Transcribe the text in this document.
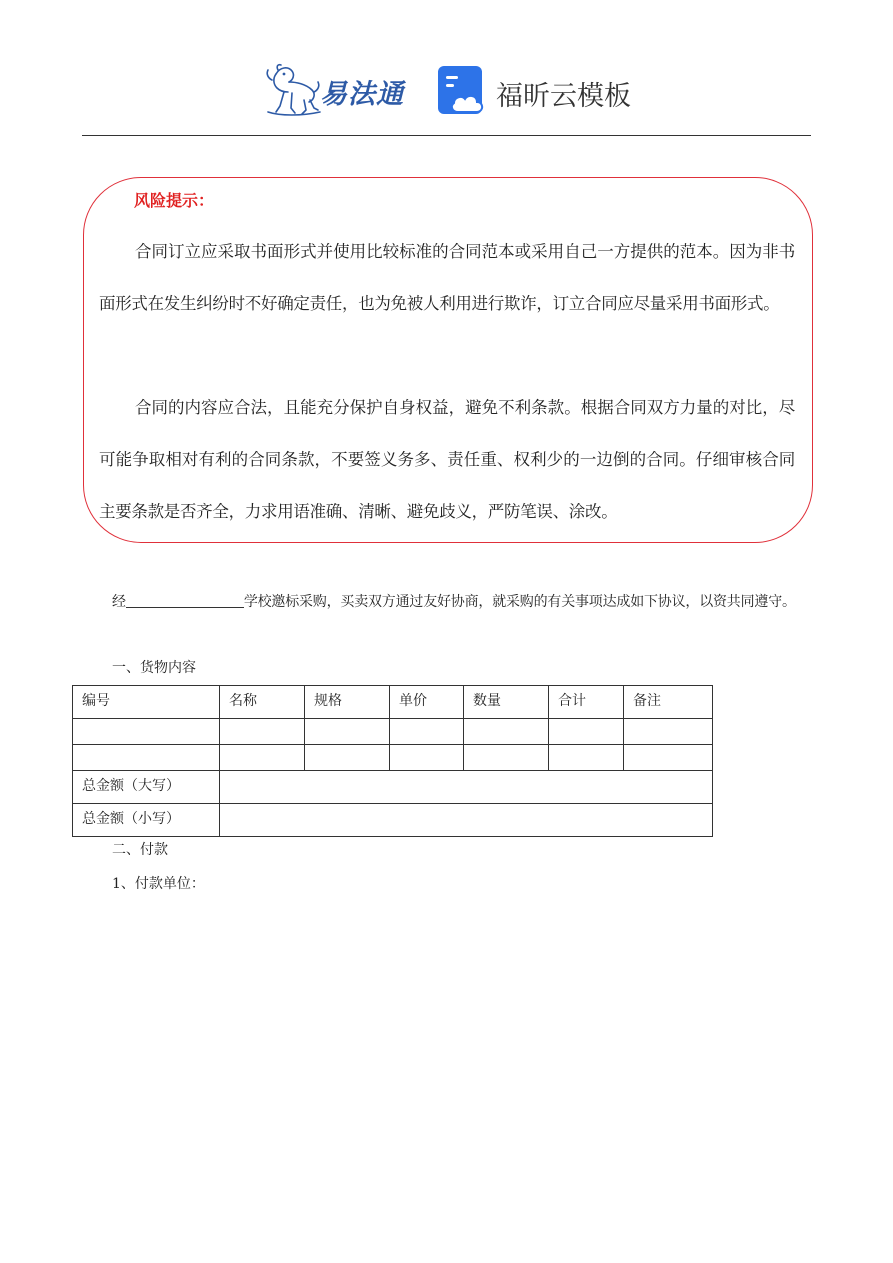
易法通	福昕云模板
风险提示：

合同订立应采取书面形式并使用比较标准的合同范本或采用自己一方提供的范本。因为非书面形式在发生纠纷时不好确定责任，也为免被人利用进行欺诈，订立合同应尽量采用书面形式。

合同的内容应合法，且能充分保护自身权益，避免不利条款。根据合同双方力量的对比，尽可能争取相对有利的合同条款，不要签义务多、责任重、权利少的一边倒的合同。仔细审核合同主要条款是否齐全，力求用语准确、清晰、避免歧义，严防笔误、涂改。

经	学校邀标采购，买卖双方通过友好协商，就采购的有关事项达成如下协议，以资共同遵守。

一、货物内容
编号	名称	规格	单价	数量	合计	备注

总金额（大写）						
总金额（小写）						
二、付款
1、付款单位：
